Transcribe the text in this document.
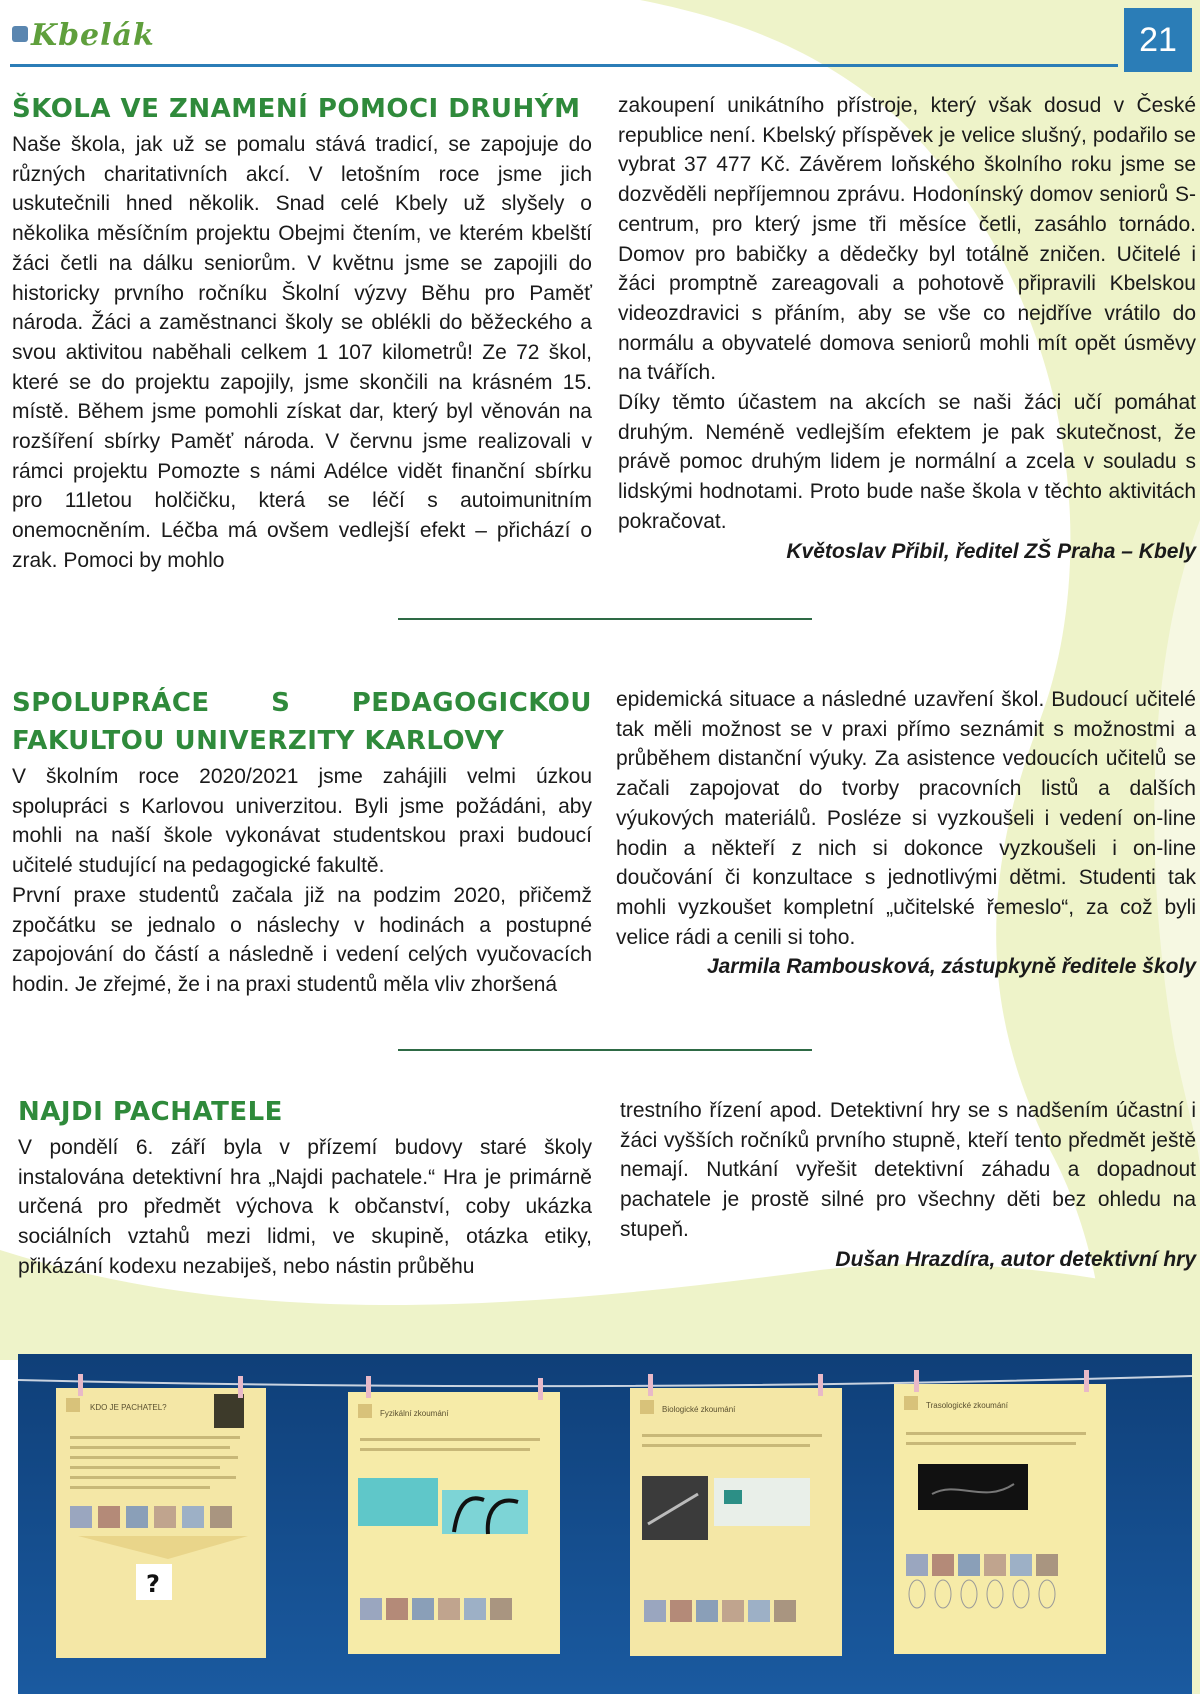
Kbelák	21
ŠKOLA VE ZNAMENÍ POMOCI DRUHÝM

Naše škola, jak už se pomalu stává tradicí, se zapojuje do různých charitativních akcí. V letošním roce jsme jich uskutečnili hned několik. Snad celé Kbely už slyšely o několika měsíčním projektu Obejmi čtením, ve kterém kbelští žáci četli na dálku seniorům. V květnu jsme se zapojili do historicky prvního ročníku Školní výzvy Běhu pro Paměť národa. Žáci a zaměstnanci školy se oblékli do běžeckého a svou aktivitou naběhali celkem 1 107 kilometrů! Ze 72 škol, které se do projektu zapojily, jsme skončili na krásném 15. místě. Během jsme pomohli získat dar, který byl věnován na rozšíření sbírky Paměť národa. V červnu jsme realizovali v rámci projektu Pomozte s námi Adélce vidět finanční sbírku pro 11letou holčičku, která se léčí s autoimunitním onemocněním. Léčba má ovšem vedlejší efekt – přichází o zrak. Pomoci by mohlo

zakoupení unikátního přístroje, který však dosud v České republice není. Kbelský příspěvek je velice slušný, podařilo se vybrat 37 477 Kč. Závěrem loňského školního roku jsme se dozvěděli nepříjemnou zprávu. Hodonínský domov seniorů S-centrum, pro který jsme tři měsíce četli, zasáhlo tornádo. Domov pro babičky a dědečky byl totálně zničen. Učitelé i žáci promptně zareagovali a pohotově připravili Kbelskou videozdravici s přáním, aby se vše co nejdříve vrátilo do normálu a obyvatelé domova seniorů mohli mít opět úsměvy na tvářích.

Díky těmto účastem na akcích se naši žáci učí pomáhat druhým. Neméně vedlejším efektem je pak skutečnost, že právě pomoc druhým lidem je normální a zcela v souladu s lidskými hodnotami. Proto bude naše škola v těchto aktivitách pokračovat.

Květoslav Přibil, ředitel ZŠ Praha – Kbely

SPOLUPRÁCE S PEDAGOGICKOU FAKULTOU UNIVERZITY KARLOVY

V školním roce 2020/2021 jsme zahájili velmi úzkou spolupráci s Karlovou univerzitou. Byli jsme požádáni, aby mohli na naší škole vykonávat studentskou praxi budoucí učitelé studující na pedagogické fakultě.

První praxe studentů začala již na podzim 2020, přičemž zpočátku se jednalo o náslechy v hodinách a postupné zapojování do částí a následně i vedení celých vyučovacích hodin. Je zřejmé, že i na praxi studentů měla vliv zhoršená

epidemická situace a následné uzavření škol. Budoucí učitelé tak měli možnost se v praxi přímo seznámit s možnostmi a průběhem distanční výuky. Za asistence vedoucích učitelů se začali zapojovat do tvorby pracovních listů a dalších výukových materiálů. Posléze si vyzkoušeli i vedení on-line hodin a někteří z nich si dokonce vyzkoušeli i on-line doučování či konzultace s jednotlivými dětmi. Studenti tak mohli vyzkoušet kompletní „učitelské řemeslo“, za což byli velice rádi a cenili si toho.

Jarmila Rambousková, zástupkyně ředitele školy

NAJDI PACHATELE

V pondělí 6. září byla v přízemí budovy staré školy instalována detektivní hra „Najdi pachatele.“ Hra je primárně určená pro předmět výchova k občanství, coby ukázka sociálních vztahů mezi lidmi, ve skupině, otázka etiky, přikázání kodexu nezabiješ, nebo nástin průběhu

trestního řízení apod. Detektivní hry se s nadšením účastní i žáci vyšších ročníků prvního stupně, kteří tento předmět ještě nemají. Nutkání vyřešit detektivní záhadu a dopadnout pachatele je prostě silné pro všechny děti bez ohledu na stupeň.

Dušan Hrazdíra, autor detektivní hry

KDO JE PACHATEL?
?
Fyzikální zkoumání	Biologické zkoumání	Trasologické zkoumání
